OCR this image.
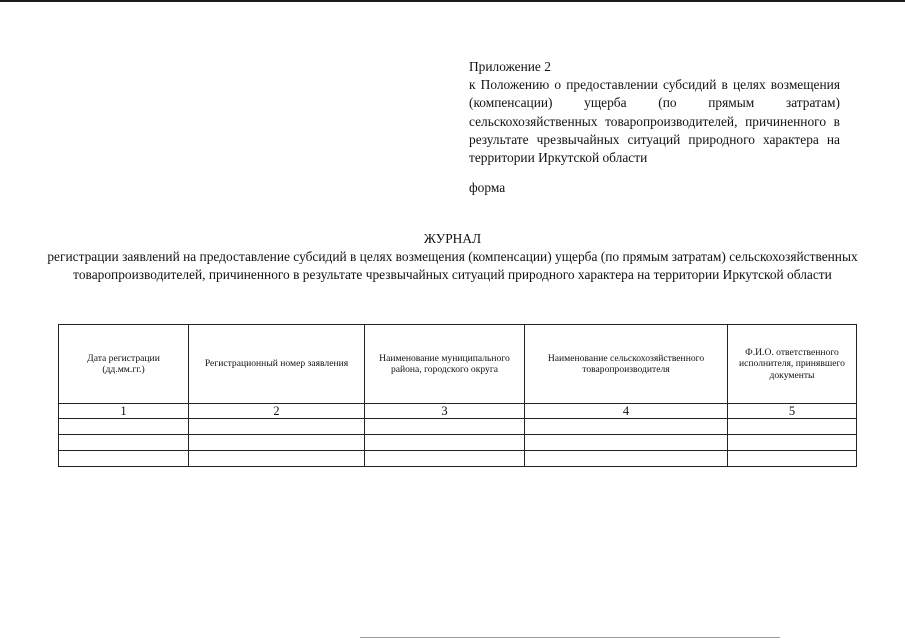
Приложение 2
к Положению о предоставлении субсидий в целях возмещения (компенсации) ущерба (по прямым затратам) сельскохозяйственных товаропроизводителей, причиненного в результате чрезвычайных ситуаций природного характера на территории Иркутской области
форма
ЖУРНАЛ
регистрации заявлений на предоставление субсидий в целях возмещения (компенсации) ущерба (по прямым затратам) сельскохозяйственных товаропроизводителей, причиненного в результате чрезвычайных ситуаций природного характера на территории Иркутской области
Дата регистрации (дд.мм.гг.)	Регистрационный номер заявления	Наименование муниципального района, городского округа	Наименование сельскохозяйственного товаропроизводителя	Ф.И.О. ответственного исполнителя, принявшего документы
1	2	3	4	5
